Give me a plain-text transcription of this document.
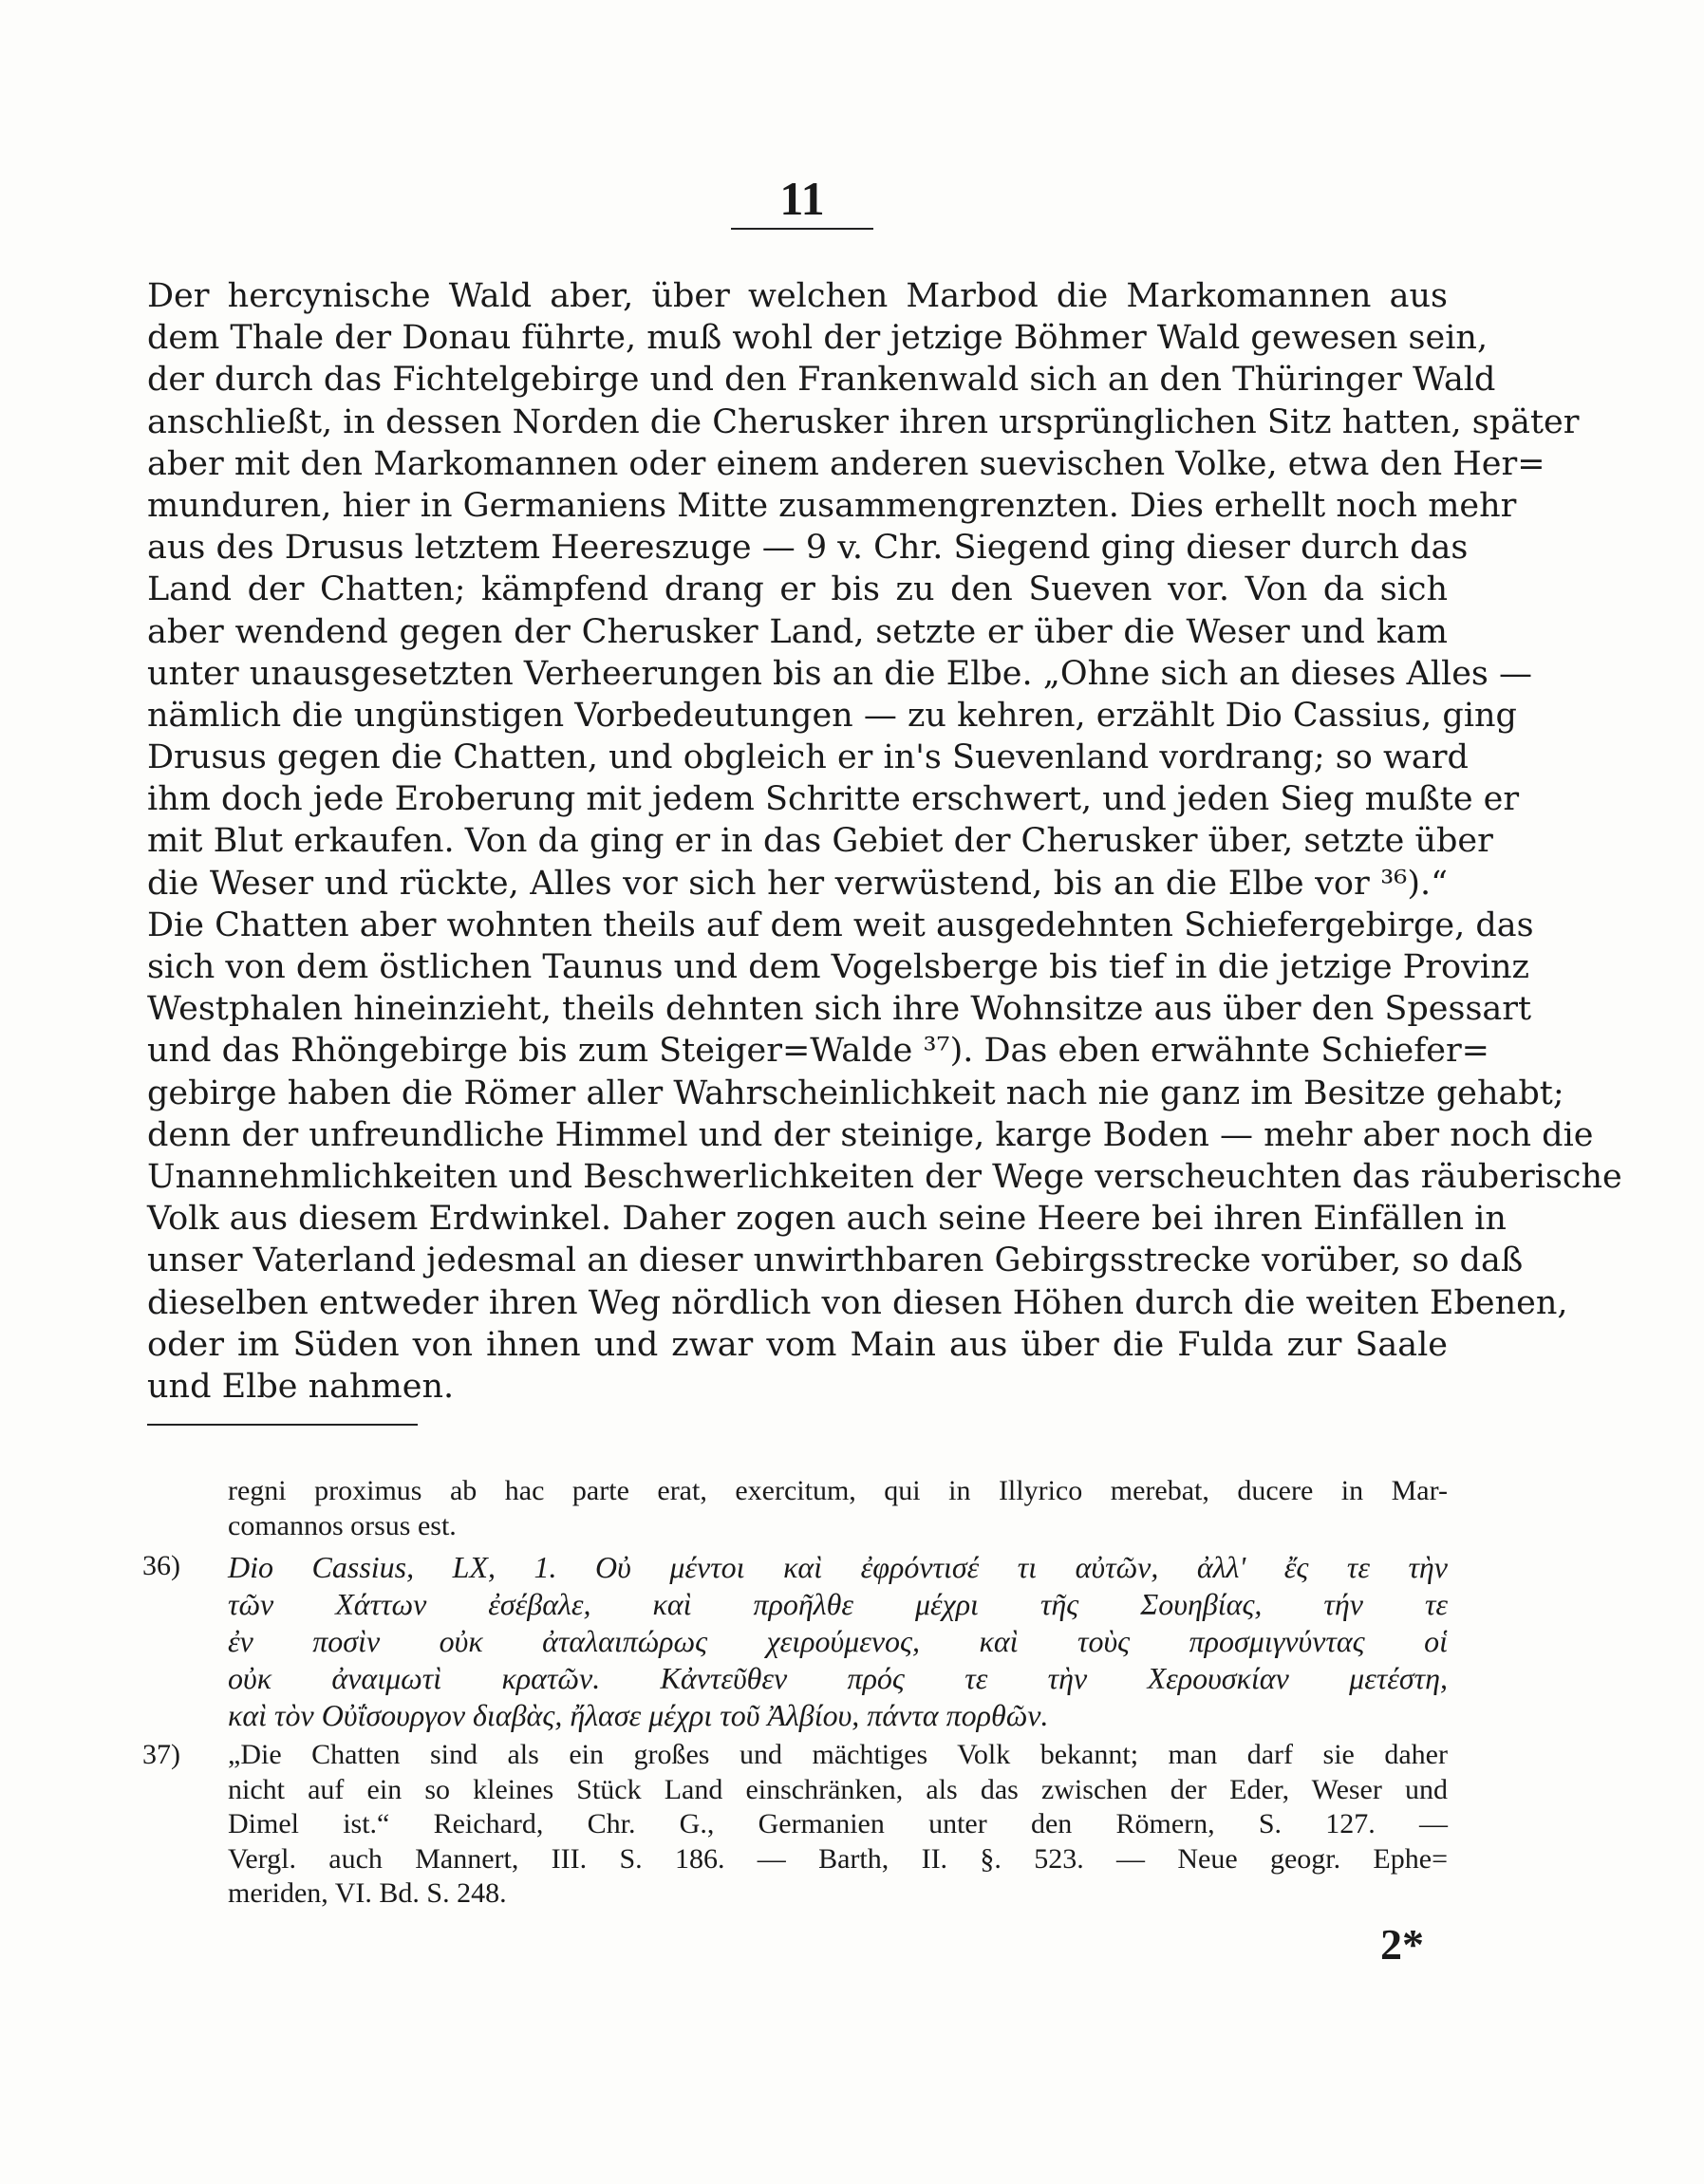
11
Der hercynische Wald aber, über welchen Marbod die Markomannen aus
dem Thale der Donau führte, muß wohl der jetzige Böhmer Wald gewesen sein,
der durch das Fichtelgebirge und den Frankenwald sich an den Thüringer Wald
anschließt, in dessen Norden die Cherusker ihren ursprünglichen Sitz hatten, später
aber mit den Markomannen oder einem anderen suevischen Volke, etwa den Her=
munduren, hier in Germaniens Mitte zusammengrenzten. Dies erhellt noch mehr
aus des Drusus letztem Heereszuge — 9 v. Chr. Siegend ging dieser durch das
Land der Chatten; kämpfend drang er bis zu den Sueven vor. Von da sich
aber wendend gegen der Cherusker Land, setzte er über die Weser und kam
unter unausgesetzten Verheerungen bis an die Elbe. „Ohne sich an dieses Alles —
nämlich die ungünstigen Vorbedeutungen — zu kehren, erzählt Dio Cassius, ging
Drusus gegen die Chatten, und obgleich er in's Suevenland vordrang; so ward
ihm doch jede Eroberung mit jedem Schritte erschwert, und jeden Sieg mußte er
mit Blut erkaufen. Von da ging er in das Gebiet der Cherusker über, setzte über
die Weser und rückte, Alles vor sich her verwüstend, bis an die Elbe vor ³⁶).“
Die Chatten aber wohnten theils auf dem weit ausgedehnten Schiefergebirge, das
sich von dem östlichen Taunus und dem Vogelsberge bis tief in die jetzige Provinz
Westphalen hineinzieht, theils dehnten sich ihre Wohnsitze aus über den Spessart
und das Rhöngebirge bis zum Steiger=Walde ³⁷). Das eben erwähnte Schiefer=
gebirge haben die Römer aller Wahrscheinlichkeit nach nie ganz im Besitze gehabt;
denn der unfreundliche Himmel und der steinige, karge Boden — mehr aber noch die
Unannehmlichkeiten und Beschwerlichkeiten der Wege verscheuchten das räuberische
Volk aus diesem Erdwinkel. Daher zogen auch seine Heere bei ihren Einfällen in
unser Vaterland jedesmal an dieser unwirthbaren Gebirgsstrecke vorüber, so daß
dieselben entweder ihren Weg nördlich von diesen Höhen durch die weiten Ebenen,
oder im Süden von ihnen und zwar vom Main aus über die Fulda zur Saale
und Elbe nahmen.
regni proximus ab hac parte erat, exercitum, qui in Illyrico merebat, ducere in Mar-
comannos orsus est.
36)	Dio Cassius, LX, 1. Οὐ μέντοι καὶ ἐφρόντισέ τι αὐτῶν, ἀλλ' ἔς τε τὴν
τῶν Χάττων ἐσέβαλε, καὶ προῆλθε μέχρι τῆς Σουηβίας, τήν τε
ἐν ποσὶν οὐκ ἀταλαιπώρως χειρούμενος, καὶ τοὺς προσμιγνύντας οἱ
οὐκ ἀναιμωτὶ κρατῶν. Κἀντεῦθεν πρός τε τὴν Χερουσκίαν μετέστη,
καὶ τὸν Οὐΐσουργον διαβὰς, ἤλασε μέχρι τοῦ Ἀλβίου, πάντα πορθῶν.
37)	„Die Chatten sind als ein großes und mächtiges Volk bekannt; man darf sie daher
nicht auf ein so kleines Stück Land einschränken, als das zwischen der Eder, Weser und
Dimel ist.“ Reichard, Chr. G., Germanien unter den Römern, S. 127. —
Vergl. auch Mannert, III. S. 186. — Barth, II. §. 523. — Neue geogr. Ephe=
meriden, VI. Bd. S. 248.
2*
